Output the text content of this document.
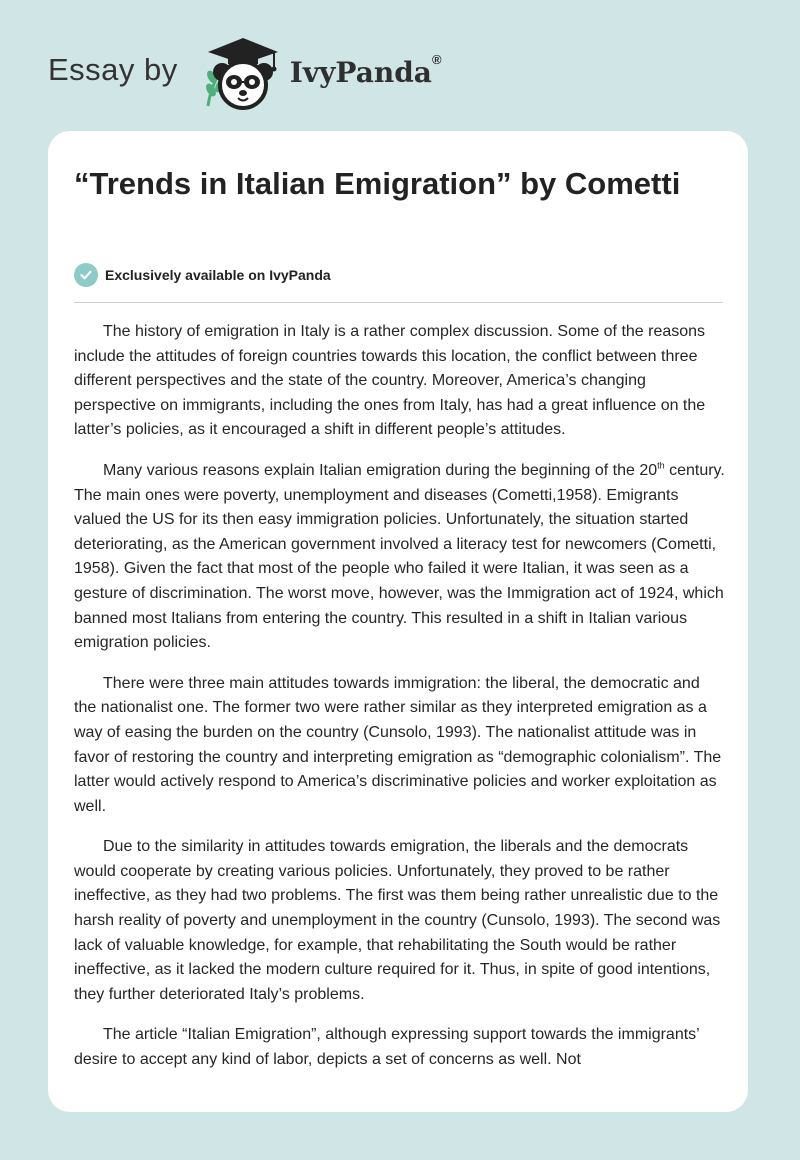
Essay by	IvyPanda®
“Trends in Italian Emigration” by Cometti
Exclusively available on IvyPanda

The history of emigration in Italy is a rather complex discussion. Some of the reasons include the attitudes of foreign countries towards this location, the conflict between three different perspectives and the state of the country. Moreover, America’s changing perspective on immigrants, including the ones from Italy, has had a great influence on the latter’s policies, as it encouraged a shift in different people’s attitudes.

Many various reasons explain Italian emigration during the beginning of the 20th century. The main ones were poverty, unemployment and diseases (Cometti,1958). Emigrants valued the US for its then easy immigration policies. Unfortunately, the situation started deteriorating, as the American government involved a literacy test for newcomers (Cometti, 1958). Given the fact that most of the people who failed it were Italian, it was seen as a gesture of discrimination. The worst move, however, was the Immigration act of 1924, which banned most Italians from entering the country. This resulted in a shift in Italian various emigration policies.

There were three main attitudes towards immigration: the liberal, the democratic and the nationalist one. The former two were rather similar as they interpreted emigration as a way of easing the burden on the country (Cunsolo, 1993). The nationalist attitude was in favor of restoring the country and interpreting emigration as “demographic colonialism”. The latter would actively respond to America’s discriminative policies and worker exploitation as well.

Due to the similarity in attitudes towards emigration, the liberals and the democrats would cooperate by creating various policies. Unfortunately, they proved to be rather ineffective, as they had two problems. The first was them being rather unrealistic due to the harsh reality of poverty and unemployment in the country (Cunsolo, 1993). The second was lack of valuable knowledge, for example, that rehabilitating the South would be rather ineffective, as it lacked the modern culture required for it. Thus, in spite of good intentions, they further deteriorated Italy’s problems.

The article “Italian Emigration”, although expressing support towards the immigrants’ desire to accept any kind of labor, depicts a set of concerns as well. Not
